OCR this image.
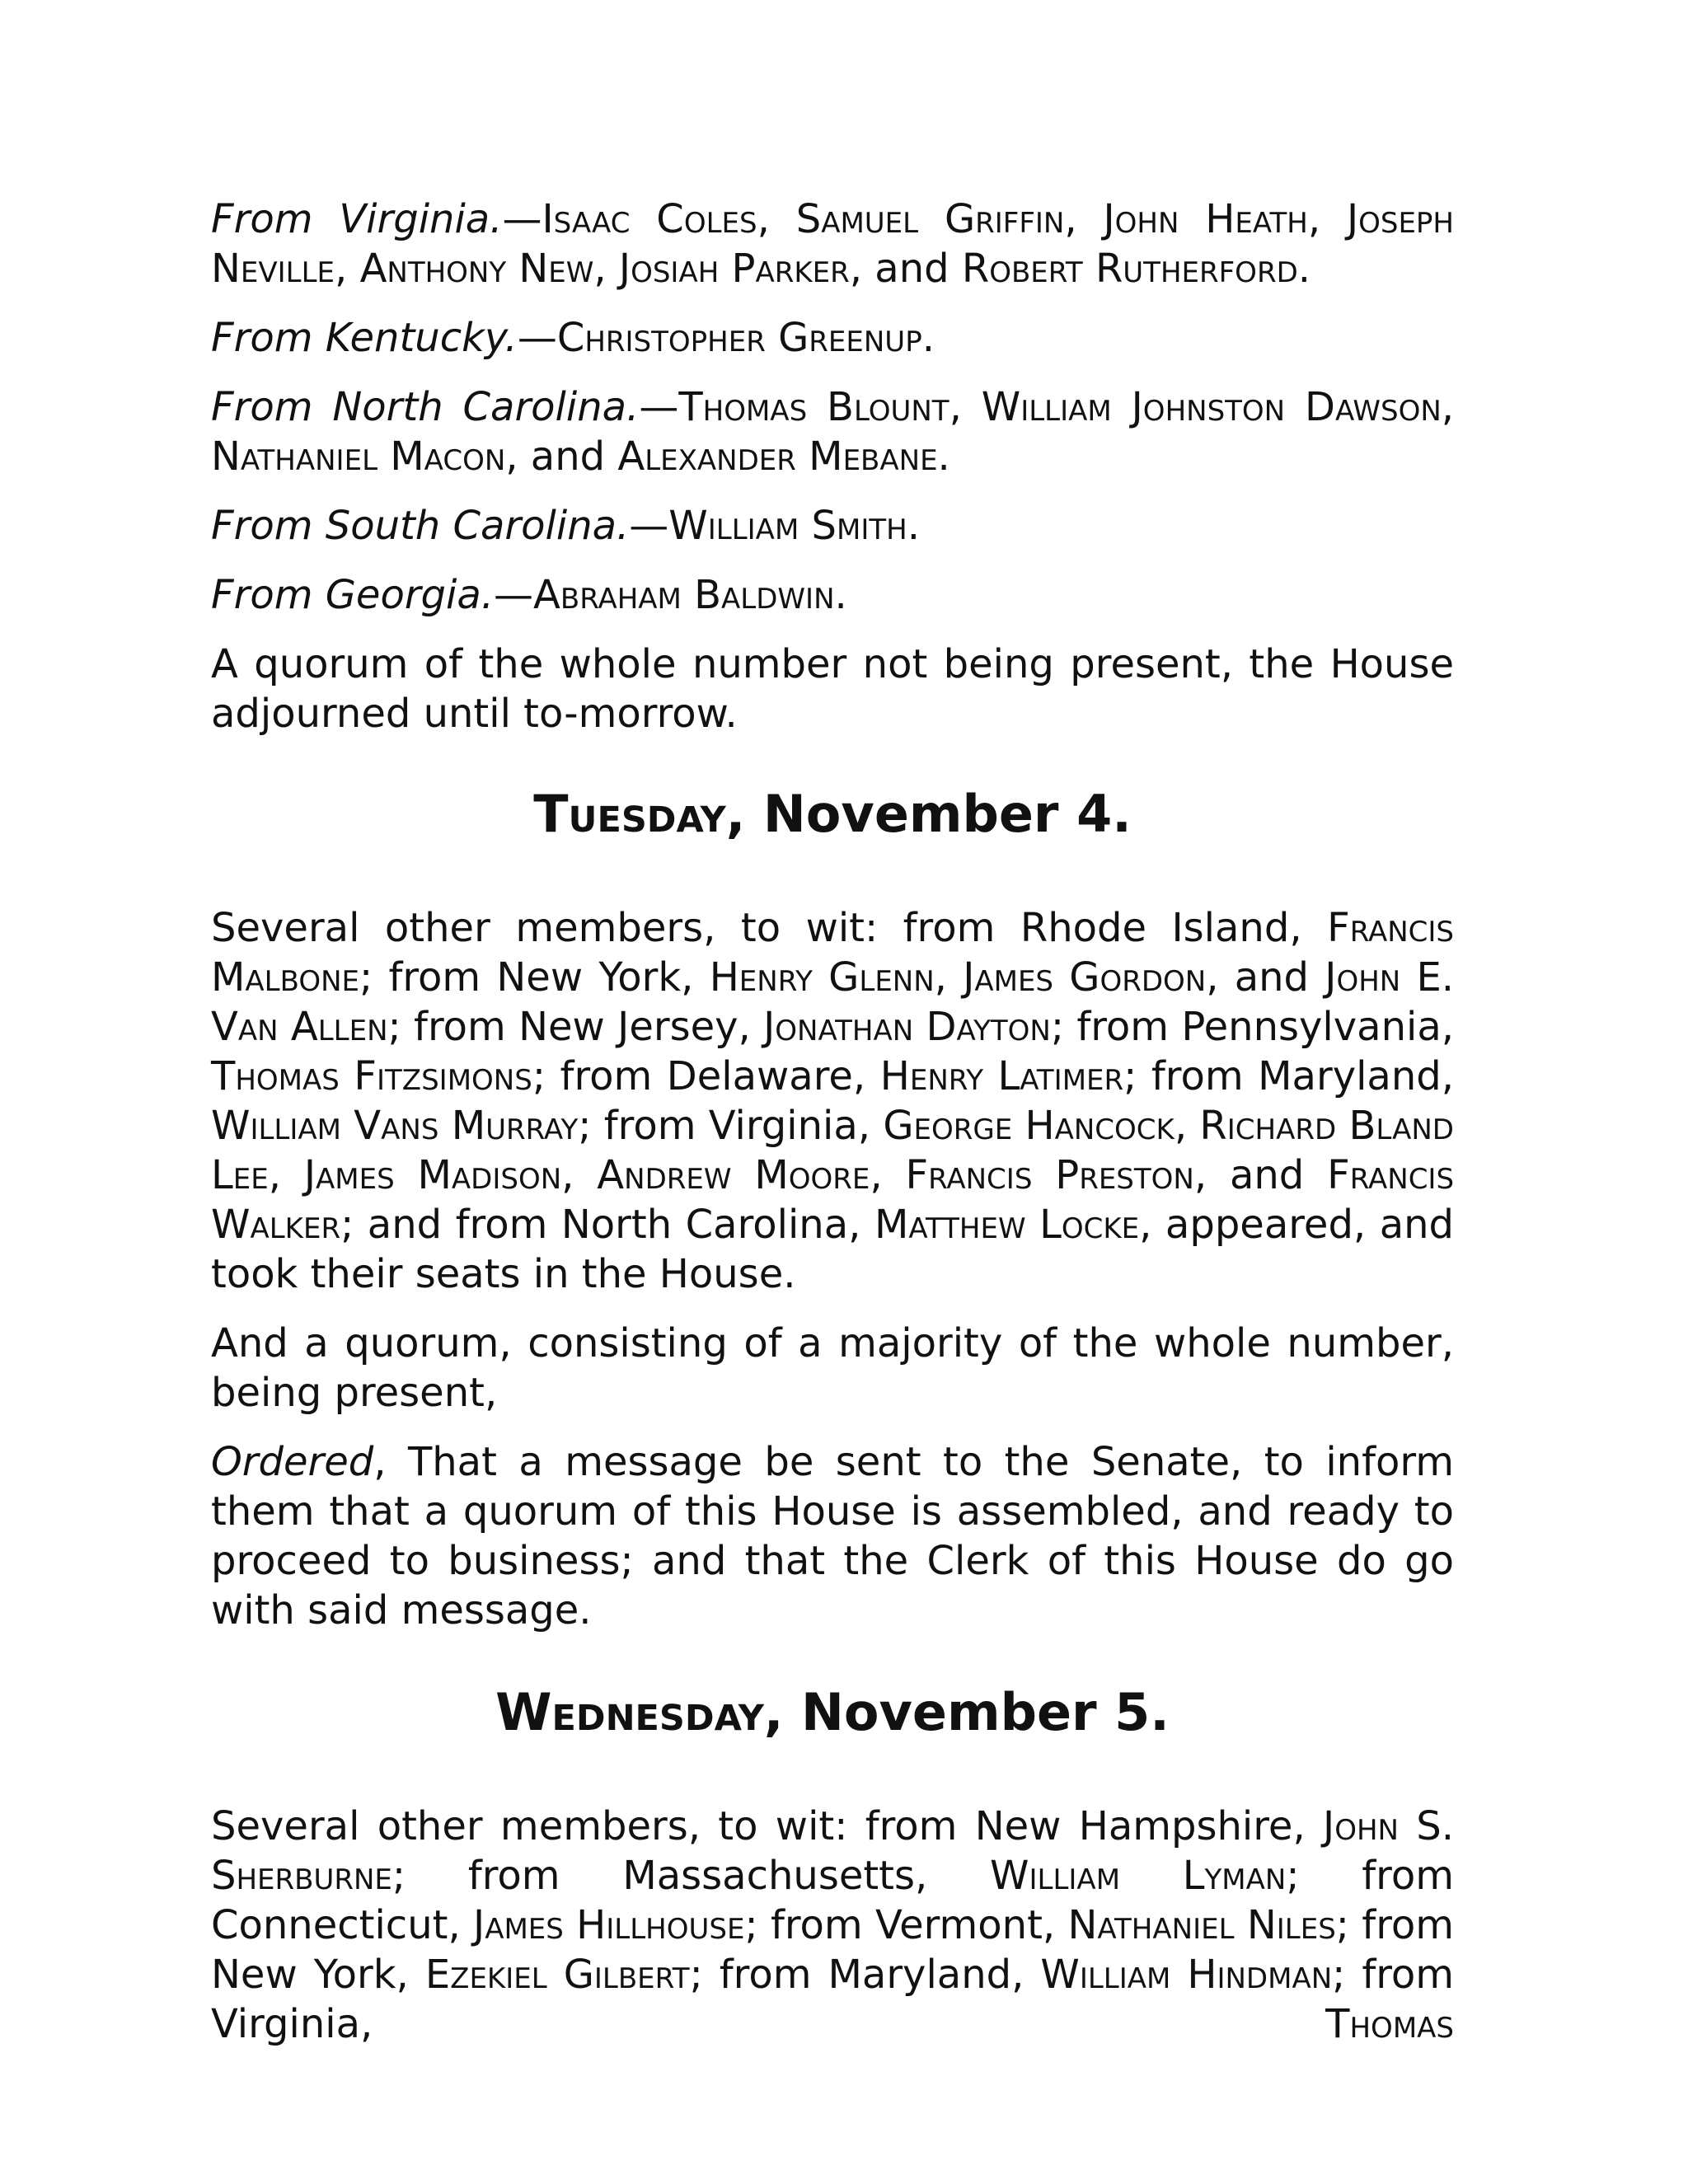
From Virginia.—Isaac Coles, Samuel Griffin, John Heath, Joseph Neville, Anthony New, Josiah Parker, and Robert Rutherford.

From Kentucky.—Christopher Greenup.

From North Carolina.—Thomas Blount, William Johnston Dawson, Nathaniel Macon, and Alexander Mebane.

From South Carolina.—William Smith.

From Georgia.—Abraham Baldwin.

A quorum of the whole number not being present, the House adjourned until to-morrow.

Tuesday, November 4.

Several other members, to wit: from Rhode Island, Francis Malbone; from New York, Henry Glenn, James Gordon, and John E. Van Allen; from New Jersey, Jonathan Dayton; from Pennsylvania, Thomas Fitzsimons; from Delaware, Henry Latimer; from Maryland, William Vans Murray; from Virginia, George Hancock, Richard Bland Lee, James Madison, Andrew Moore, Francis Preston, and Francis Walker; and from North Carolina, Matthew Locke, appeared, and took their seats in the House.

And a quorum, consisting of a majority of the whole number, being present,

Ordered, That a message be sent to the Senate, to inform them that a quorum of this House is assembled, and ready to proceed to business; and that the Clerk of this House do go with said message.

Wednesday, November 5.

Several other members, to wit: from New Hampshire, John S. Sherburne; from Massachusetts, William Lyman; from Connecticut, James Hillhouse; from Vermont, Nathaniel Niles; from New York, Ezekiel Gilbert; from Maryland, William Hindman; from Virginia, Thomas
